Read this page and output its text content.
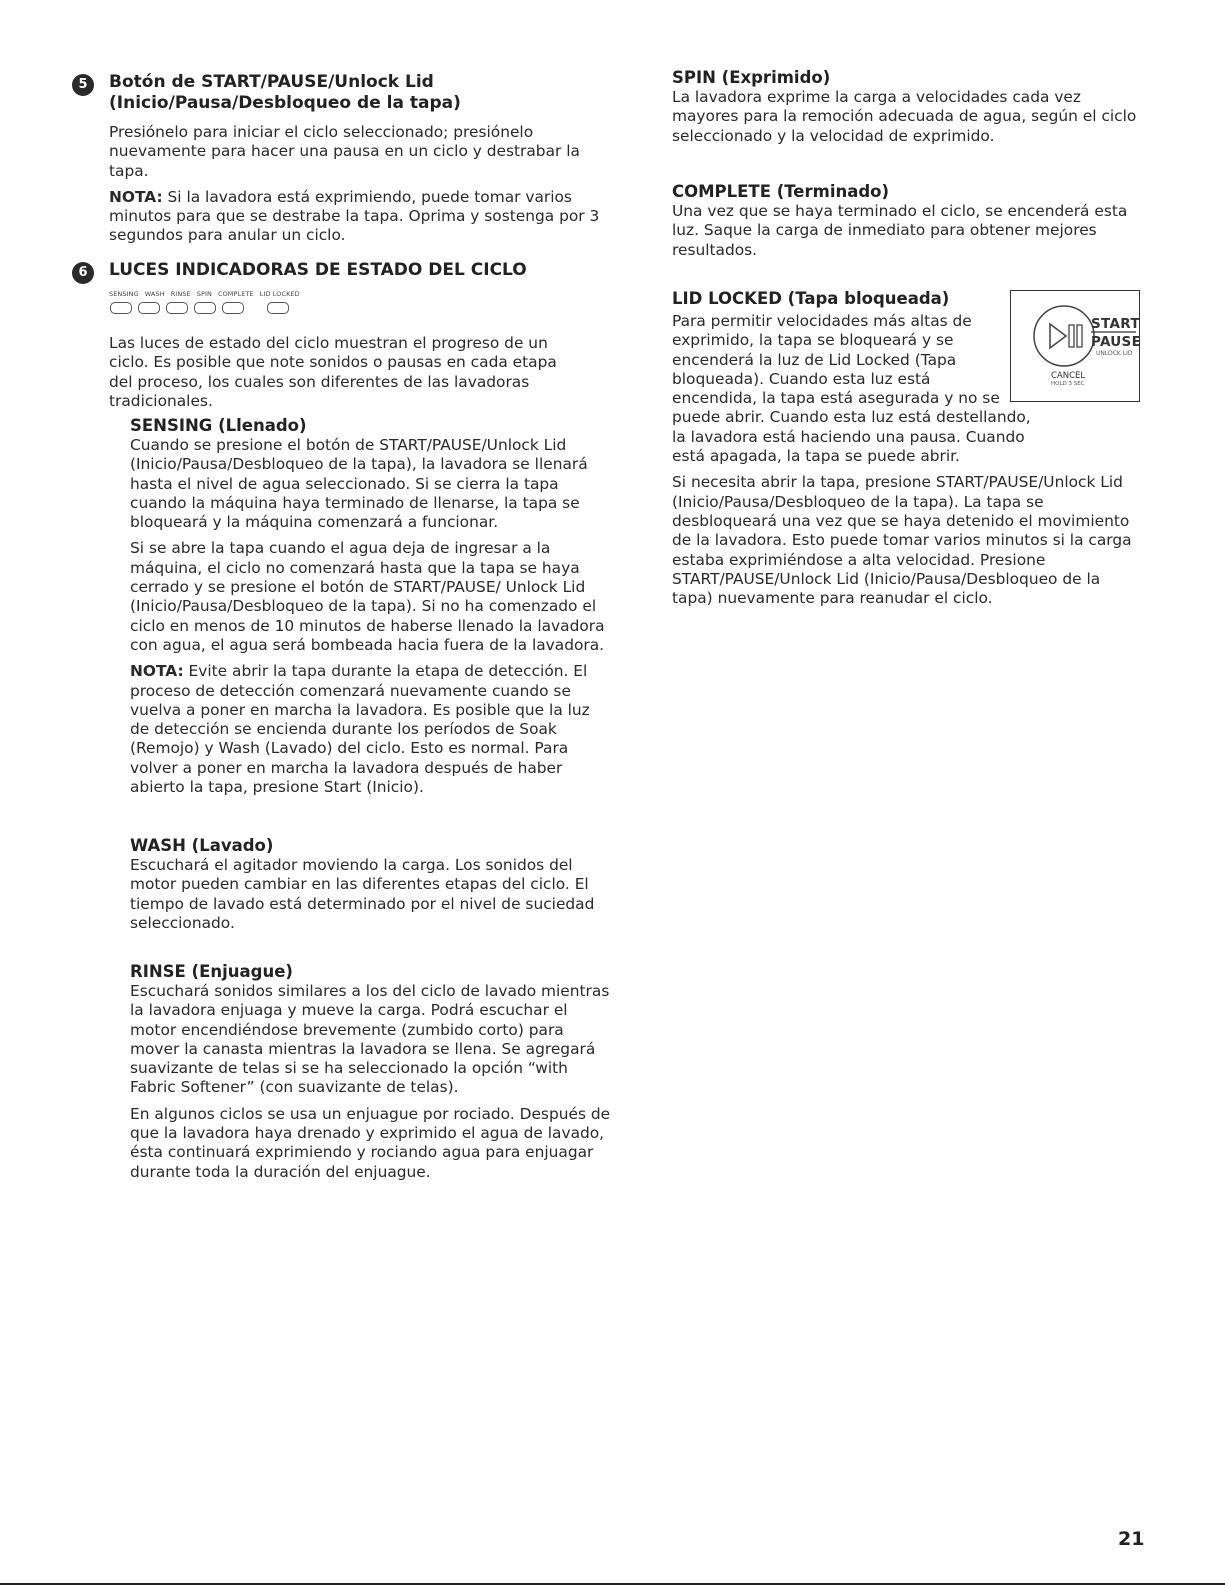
5	Botón de START/PAUSE/Unlock Lid
(Inicio/Pausa/Desbloqueo de la tapa)

Presiónelo para iniciar el ciclo seleccionado; presiónelo nuevamente para hacer una pausa en un ciclo y destrabar la tapa.

NOTA: Si la lavadora está exprimiendo, puede tomar varios minutos para que se destrabe la tapa. Oprima y sostenga por 3 segundos para anular un ciclo.

6	LUCES INDICADORAS DE ESTADO DEL CICLO
SENSING WASH RINSE SPIN COMPLETE LID LOCKED
Las luces de estado del ciclo muestran el progreso de un ciclo. Es posible que note sonidos o pausas en cada etapa del proceso, los cuales son diferentes de las lavadoras tradicionales.
SENSING (Llenado)

Cuando se presione el botón de START/PAUSE/Unlock Lid (Inicio/Pausa/Desbloqueo de la tapa), la lavadora se llenará hasta el nivel de agua seleccionado. Si se cierra la tapa cuando la máquina haya terminado de llenarse, la tapa se bloqueará y la máquina comenzará a funcionar.

Si se abre la tapa cuando el agua deja de ingresar a la máquina, el ciclo no comenzará hasta que la tapa se haya cerrado y se presione el botón de START/PAUSE/ Unlock Lid (Inicio/Pausa/Desbloqueo de la tapa). Si no ha comenzado el ciclo en menos de 10 minutos de haberse llenado la lavadora con agua, el agua será bombeada hacia fuera de la lavadora.

NOTA: Evite abrir la tapa durante la etapa de detección. El proceso de detección comenzará nuevamente cuando se vuelva a poner en marcha la lavadora. Es posible que la luz de detección se encienda durante los períodos de Soak (Remojo) y Wash (Lavado) del ciclo. Esto es normal. Para volver a poner en marcha la lavadora después de haber abierto la tapa, presione Start (Inicio).

WASH (Lavado)

Escuchará el agitador moviendo la carga. Los sonidos del motor pueden cambiar en las diferentes etapas del ciclo. El tiempo de lavado está determinado por el nivel de suciedad seleccionado.

RINSE (Enjuague)

Escuchará sonidos similares a los del ciclo de lavado mientras la lavadora enjuaga y mueve la carga. Podrá escuchar el motor encendiéndose brevemente (zumbido corto) para mover la canasta mientras la lavadora se llena. Se agregará suavizante de telas si se ha seleccionado la opción “with Fabric Softener” (con suavizante de telas).

En algunos ciclos se usa un enjuague por rociado. Después de que la lavadora haya drenado y exprimido el agua de lavado, ésta continuará exprimiendo y rociando agua para enjuagar durante toda la duración del enjuague.

SPIN (Exprimido)

La lavadora exprime la carga a velocidades cada vez mayores para la remoción adecuada de agua, según el ciclo seleccionado y la velocidad de exprimido.

COMPLETE (Terminado)

Una vez que se haya terminado el ciclo, se encenderá esta luz. Saque la carga de inmediato para obtener mejores resultados.

LID LOCKED (Tapa bloqueada)
Para permitir velocidades más altas de
exprimido, la tapa se bloqueará y se
encenderá la luz de Lid Locked (Tapa
bloqueada). Cuando esta luz está
encendida, la tapa está asegurada y no se
puede abrir. Cuando esta luz está destellando,
la lavadora está haciendo una pausa. Cuando
está apagada, la tapa se puede abrir.

Si necesita abrir la tapa, presione START/PAUSE/Unlock Lid (Inicio/Pausa/Desbloqueo de la tapa). La tapa se desbloqueará una vez que se haya detenido el movimiento de la lavadora. Esto puede tomar varios minutos si la carga estaba exprimiéndose a alta velocidad. Presione START/PAUSE/Unlock Lid (Inicio/Pausa/Desbloqueo de la tapa) nuevamente para reanudar el ciclo.

START
PAUSE
UNLOCK LID
CANCEL
HOLD 3 SEC
21
